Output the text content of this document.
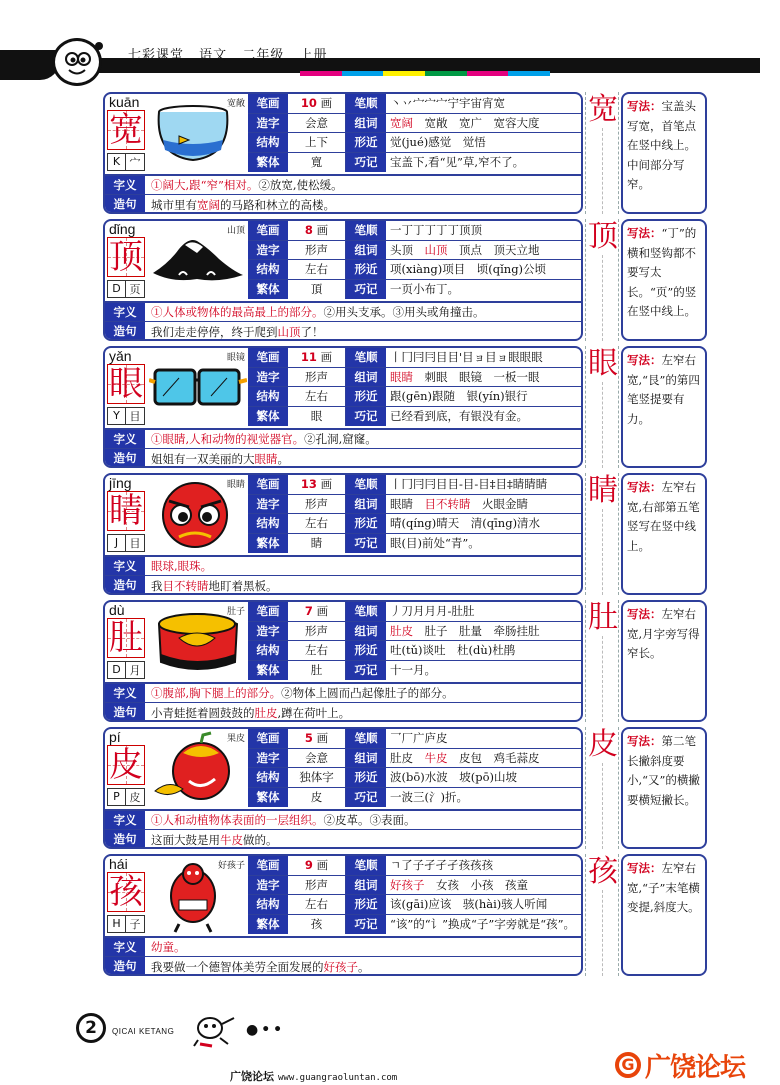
七彩课堂 语文 二年级 上册
kuān
宽
K 宀
宽敞	笔画	10 画	笔顺	丶丷宀宀宀宁宇宙宵宽
造字	会意	组词	宽阔　宽敞　宽广　宽容大度
结构	上下	形近	觉(jué)感觉　觉悟
繁体	寬	巧记	宝盖下,看“见”草,窄不了。
字义	①阔大,跟“窄”相对。②放宽,使松缓。
造句	城市里有宽阔的马路和林立的高楼。
宽 写法：宝盖头写宽，首笔点在竖中线上。中间部分写窄。
dǐng
顶
D 页
山顶	笔画	8 画	笔顺	一丁丁丁丁丁顶顶
造字	形声	组词	头顶　山顶　顶点　顶天立地
结构	左右	形近	项(xiàng)项目　顷(qǐng)公顷
繁体	頂	巧记	一页小布丁。
字义	①人体或物体的最高最上的部分。②用头支承。③用头或角撞击。
造句	我们走走停停，终于爬到山顶了！
顶 写法：“丁”的横和竖钩都不要写太长。“页”的竖在竖中线上。
yǎn
眼
Y 目
眼镜	笔画	11 画	笔顺	丨冂冃冃目目'目ョ目ョ眼眼眼
造字	形声	组词	眼睛　刺眼　眼镜　一板一眼
结构	左右	形近	跟(gēn)跟随　银(yín)银行
繁体	眼	巧记	已经看到底，有银没有金。
字义	①眼睛,人和动物的视觉器官。②孔洞,窟窿。
造句	姐姐有一双美丽的大眼睛。
眼 写法：左窄右宽,“艮”的第四笔竖提要有力。
jīng
睛
J	目
眼睛	笔画	13 画	笔顺	丨冂冃冃目目‐目‑目‡目‡睛睛睛
造字	形声	组词	眼睛　目不转睛　火眼金睛
结构	左右	形近	晴(qíng)晴天　清(qīng)清水
繁体	睛	巧记	眼(目)前处“青”。
字义	眼球,眼珠。
造句	我目不转睛地盯着黑板。
睛 写法：左窄右宽,右部第五笔竖写在竖中线上。
dù
肚
D 月
肚子	笔画	7 画	笔顺	丿刀月月月-肚肚
造字	形声	组词	肚皮　肚子　肚量　牵肠挂肚
结构	左右	形近	吐(tǔ)谈吐　杜(dù)杜鹃
繁体	肚	巧记	十一月。
字义	①腹部,胸下腿上的部分。②物体上圆而凸起像肚子的部分。
造句	小青蛙挺着圆鼓鼓的肚皮,蹲在荷叶上。
肚 写法：左窄右宽,月字旁写得窄长。
pí
皮
P 皮
果皮	笔画	5 画	笔顺	乛厂广庐皮
造字	会意	组词	肚皮　牛皮　皮包　鸡毛蒜皮
结构	独体字	形近	波(bō)水波　坡(pō)山坡
繁体	皮	巧记	一波三(氵)折。
字义	①人和动植物体表面的一层组织。②皮革。③表面。
造句	这面大鼓是用牛皮做的。
皮 写法：第二笔长撇斜度要小,“又”的横撇要横短撇长。
hái
孩
H 子
好孩子	笔画	9 画	笔顺	ㄱ了子孑孑孑孩孩孩
造字	形声	组词	好孩子　女孩　小孩　孩童
结构	左右	形近	该(gāi)应该　骇(hài)骇人听闻
繁体	孩	巧记	“该”的“讠”换成“子”字旁就是“孩”。
字义	幼童。
造句	我要做一个德智体美劳全面发展的好孩子。
孩 写法：左窄右宽,“子”末笔横变提,斜度大。
2	QICAI KETANG	●••
广饶论坛 www.guangraoluntan.com
G 广饶论坛
